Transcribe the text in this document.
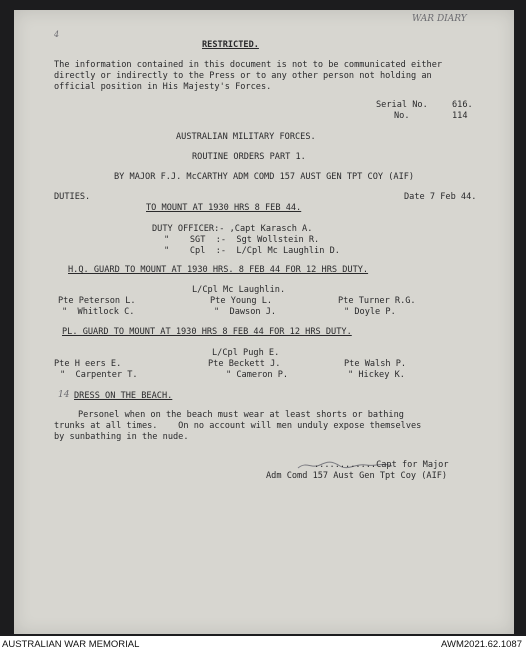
WAR DIARY
4
RESTRICTED.
The information contained in this document is not to be communicated either
directly or indirectly to the Press or to any other person not holding an
official position in His Majesty's Forces.
Serial No.	616.
No.	114
AUSTRALIAN MILITARY FORCES.
ROUTINE ORDERS PART 1.
BY MAJOR F.J. McCARTHY ADM COMD 157 AUST GEN TPT COY (AIF)
DUTIES.	Date 7 Feb 44.
TO MOUNT AT 1930 HRS 8 FEB 44.
DUTY OFFICER:- ,Capt Karasch A.
"    SGT  :-  Sgt Wollstein R.
"    Cpl  :-  L/Cpl Mc Laughlin D.
H.Q. GUARD TO MOUNT AT 1930 HRS. 8 FEB 44 FOR 12 HRS DUTY.
L/Cpl Mc Laughlin.
Pte Peterson L.	Pte Young L.	Pte Turner R.G.
"  Whitlock C.	"  Dawson J.	" Doyle P.
PL. GUARD TO MOUNT AT 1930 HRS 8 FEB 44 FOR 12 HRS DUTY.
L/Cpl Pugh E.
Pte H eers E.	Pte Beckett J.	Pte Walsh P.
"  Carpenter T.	" Cameron P.	" Hickey K.
14 DRESS ON THE BEACH.
Personel when on the beach must wear at least shorts or bathing
trunks at all times.    On no account will men unduly expose themselves
by sunbathing in the nude.
............Capt for Major
Adm Comd 157 Aust Gen Tpt Coy (AIF)
AUSTRALIAN WAR MEMORIAL	AWM2021.62.1087
